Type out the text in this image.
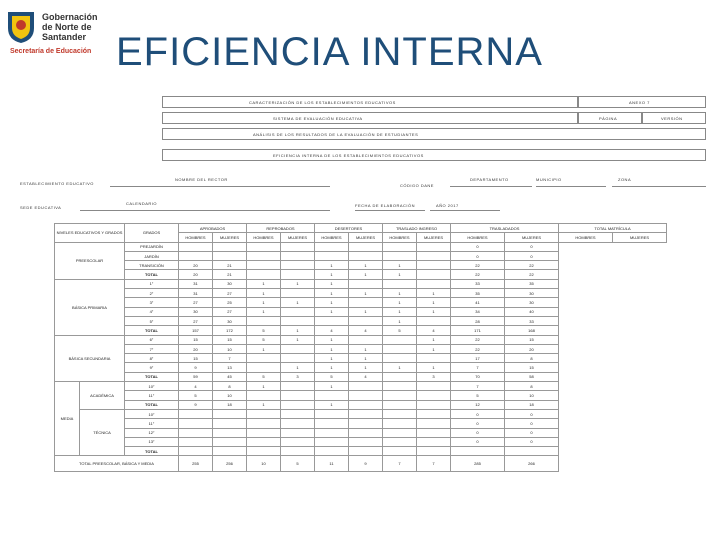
Gobernación
de Norte de
Santander
Secretaría de Educación EFICIENCIA INTERNA
CARACTERIZACIÓN DE LOS ESTABLECIMIENTOS EDUCATIVOS	ANEXO 7
SISTEMA DE EVALUACIÓN EDUCATIVA	PÁGINA	VERSIÓN
ANÁLISIS DE LOS RESULTADOS DE LA EVALUACIÓN DE ESTUDIANTES
EFICIENCIA INTERNA DE LOS ESTABLECIMIENTOS EDUCATIVOS
ESTABLECIMIENTO EDUCATIVO
NOMBRE DEL RECTOR
CÓDIGO DANE
DEPARTAMENTO	MUNICIPIO	ZONA
SEDE EDUCATIVA
CALENDARIO	FECHA DE ELABORACIÓN	AÑO 2017
NIVELES EDUCATIVOS Y GRADOS		GRADOS	APROBADOS		REPROBADOS		DESERTORES		TRASLADO INGRESO		TRASLADADOS		TOTAL MATRÍCULA	
			HOMBRES	MUJERES	HOMBRES	MUJERES	HOMBRES	MUJERES	HOMBRES	MUJERES	HOMBRES	MUJERES	HOMBRES	MUJERES
PREESCOLAR		PREJARDÍN									0	0		
		JARDÍN									0	0		
		TRANSICIÓN	20	21			1	1	1		22	22		
		TOTAL	20	21			1	1	1		22	22		
BÁSICA PRIMARIA		1°	31	30	1	1	1				33	35		
		2°	31	27	1		1	1	1	1	35	30		
		3°	27	25	1	1	1		1	1	41	30		
		4°	30	27	1		1	1	1	1	34	40		
		5°	27	30					1		28	33		
		TOTAL	157	172	5	1	4	4	5	4	171	168		
BÁSICA SECUNDARIA		6°	15	15	5	1	1			1	22	15		
		7°	20	10	1		1	1		1	22	20		
		8°	15	7			1	1			17	8		
		9°	9	13		1	1	1	1	1	7	15		
		TOTAL	59	45	5	3	5	4		3	70	58		
MEDIA	ACADÉMICA	10°	4	8	1		1				7	8		
		11°	5	10							5	10		
		TOTAL	9	18	1		1				12	18		
	TÉCNICA	10°									0	0		
		11°									0	0		
		12°									0	0		
		13°									0	0		
		TOTAL												
TOTAL PREESCOLAR, BÁSICA Y MEDIA			255	256	10	5	11	9	7	7	285	266		
